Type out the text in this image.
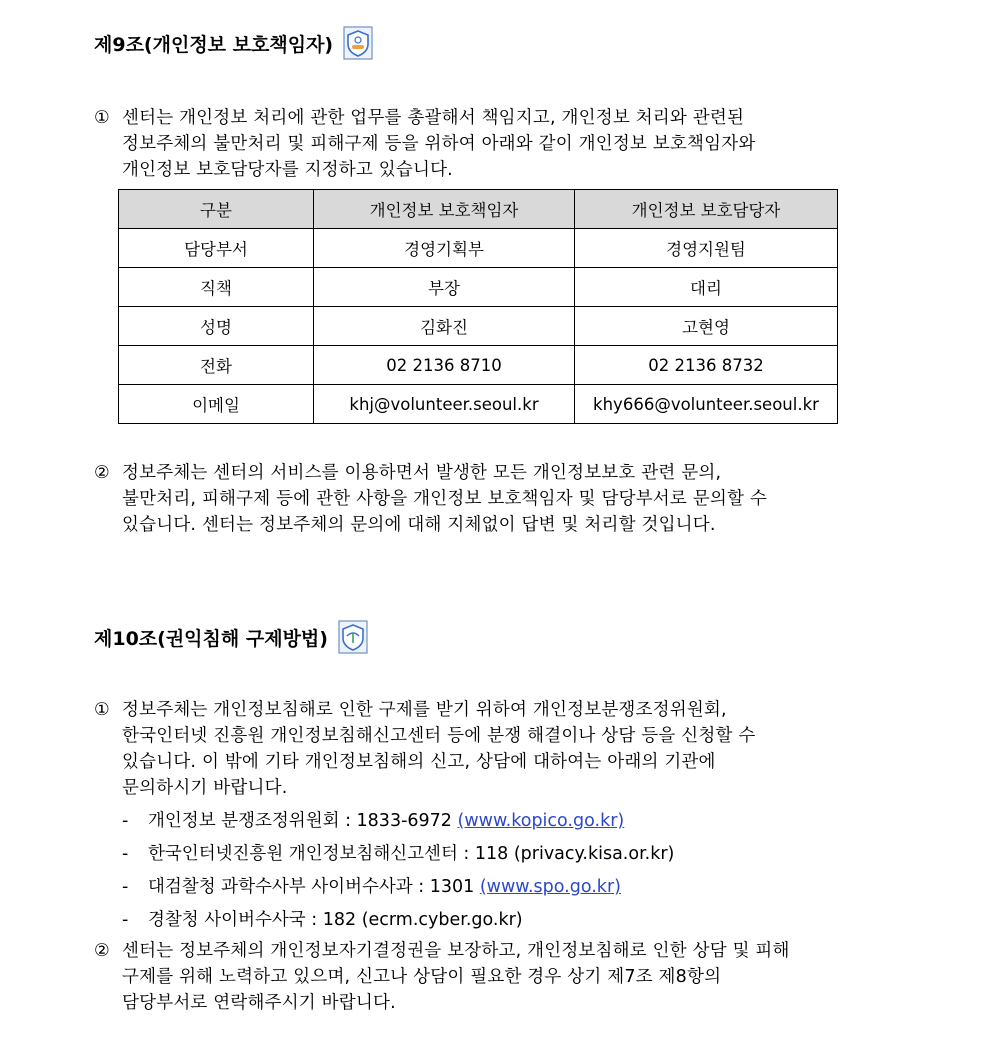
제9조(개인정보 보호책임자)
① 센터는 개인정보 처리에 관한 업무를 총괄해서 책임지고, 개인정보 처리와 관련된
정보주체의 불만처리 및 피해구제 등을 위하여 아래와 같이 개인정보 보호책임자와
개인정보 보호담당자를 지정하고 있습니다.
구분	개인정보 보호책임자	개인정보 보호담당자
담당부서	경영기획부	경영지원팀
직책	부장	대리
성명	김화진	고현영
전화	02 2136 8710	02 2136 8732
이메일	khj@volunteer.seoul.kr	khy666@volunteer.seoul.kr
② 정보주체는 센터의 서비스를 이용하면서 발생한 모든 개인정보보호 관련 문의,
불만처리, 피해구제 등에 관한 사항을 개인정보 보호책임자 및 담당부서로 문의할 수
있습니다. 센터는 정보주체의 문의에 대해 지체없이 답변 및 처리할 것입니다.
제10조(권익침해 구제방법)
① 정보주체는 개인정보침해로 인한 구제를 받기 위하여 개인정보분쟁조정위원회,
한국인터넷 진흥원 개인정보침해신고센터 등에 분쟁 해결이나 상담 등을 신청할 수
있습니다. 이 밖에 기타 개인정보침해의 신고, 상담에 대하여는 아래의 기관에
문의하시기 바랍니다.
- 개인정보 분쟁조정위원회 : 1833-6972 (www.kopico.go.kr)
- 한국인터넷진흥원 개인정보침해신고센터 : 118 (privacy.kisa.or.kr)
- 대검찰청 과학수사부 사이버수사과 : 1301 (www.spo.go.kr)
- 경찰청 사이버수사국 : 182 (ecrm.cyber.go.kr)
② 센터는 정보주체의 개인정보자기결정권을 보장하고, 개인정보침해로 인한 상담 및 피해
구제를 위해 노력하고 있으며, 신고나 상담이 필요한 경우 상기 제7조 제8항의
담당부서로 연락해주시기 바랍니다.
